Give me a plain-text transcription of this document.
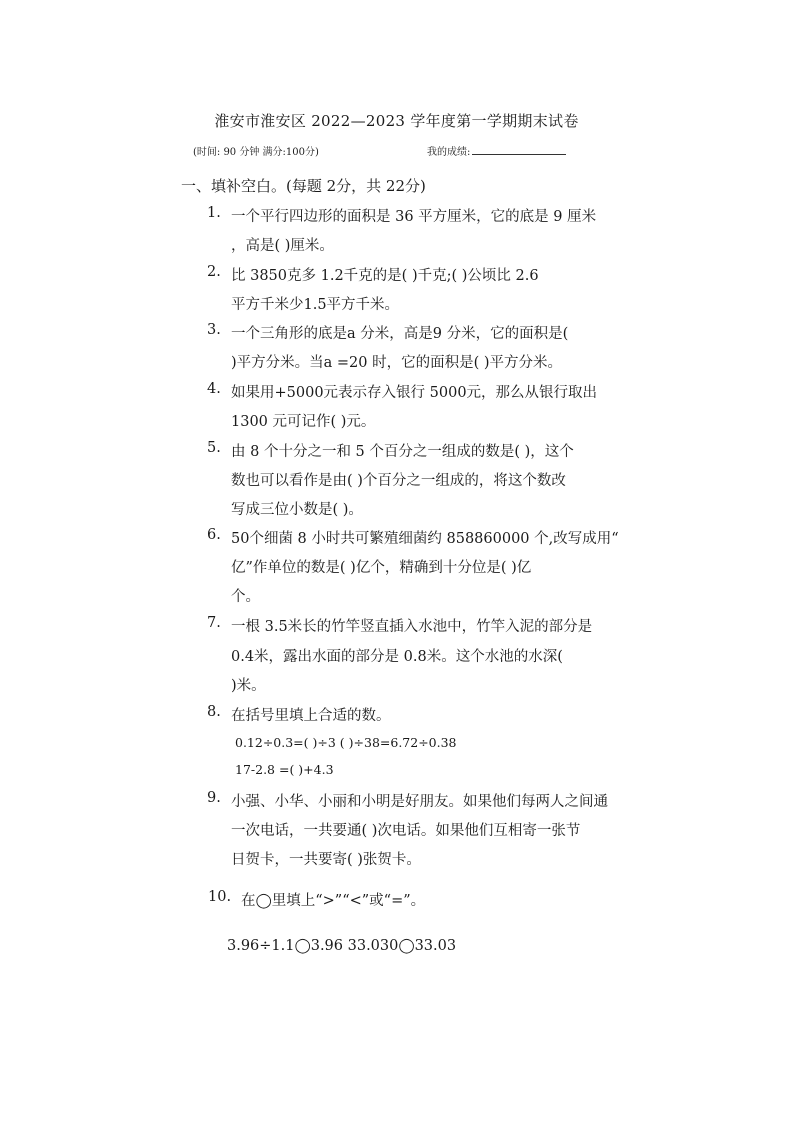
淮安市淮安区 2022—2023 学年度第一学期期末试卷
(时间: 90 分钟 满分:100分)	我的成绩:
一、填补空白。(每题 2分，共 22分)
1. 一个平行四边形的面积是 36 平方厘米，它的底是 9 厘米
，高是( )厘米。
2. 比 3850克多 1.2千克的是( )千克;( )公顷比 2.6
平方千米少1.5平方千米。
3. 一个三角形的底是a 分米，高是9 分米，它的面积是(
)平方分米。当a =20 时，它的面积是( )平方分米。
4. 如果用+5000元表示存入银行 5000元，那么从银行取出
1300 元可记作( )元。
5. 由 8 个十分之一和 5 个百分之一组成的数是( )，这个
数也可以看作是由( )个百分之一组成的，将这个数改
写成三位小数是( )。
6. 50个细菌 8 小时共可繁殖细菌约 858860000 个,改写成用“
亿”作单位的数是( )亿个，精确到十分位是( )亿
个。
7. 一根 3.5米长的竹竿竖直插入水池中，竹竿入泥的部分是
0.4米，露出水面的部分是 0.8米。这个水池的水深(
)米。
8. 在括号里填上合适的数。
0.12÷0.3=( )÷3 ( )÷38=6.72÷0.38
17-2.8 =( )+4.3
9. 小强、小华、小丽和小明是好朋友。如果他们每两人之间通
一次电话，一共要通( )次电话。如果他们互相寄一张节
日贺卡，一共要寄( )张贺卡。
10. 在◯里填上“>”“<”或“=”。
3.96÷1.1◯3.96 33.030◯33.03
